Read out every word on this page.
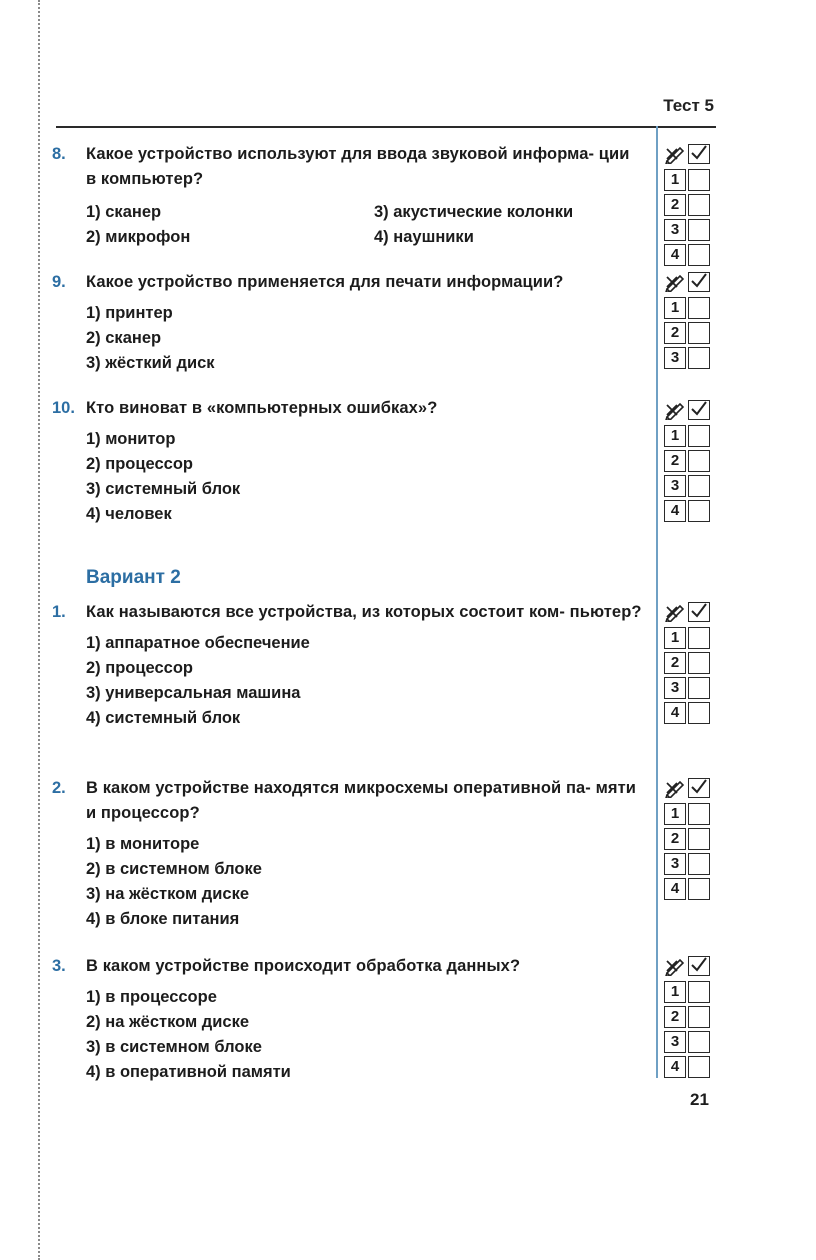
Тест 5
8.	Какое устройство используют для ввода звуковой информа- ции в компьютер?
1) сканер	3) акустические колонки
2) микрофон	4) наушники
9.	Какое устройство применяется для печати информации?
1) принтер
2) сканер
3) жёсткий диск
10. Кто виноват в «компьютерных ошибках»?
1) монитор
2) процессор
3) системный блок
4) человек
Вариант 2
1.	Как называются все устройства, из которых состоит ком- пьютер?
1) аппаратное обеспечение
2) процессор
3) универсальная машина
4) системный блок
2.	В каком устройстве находятся микросхемы оперативной па- мяти и процессор?
1) в мониторе
2) в системном блоке
3) на жёстком диске
4) в блоке питания
3.	В каком устройстве происходит обработка данных?
1) в процессоре
2) на жёстком диске
3) в системном блоке
4) в оперативной памяти
21
1
2
3
4
1
2
3
1
2
3
4
1
2
3
4
1
2
3
4
1
2
3
4
